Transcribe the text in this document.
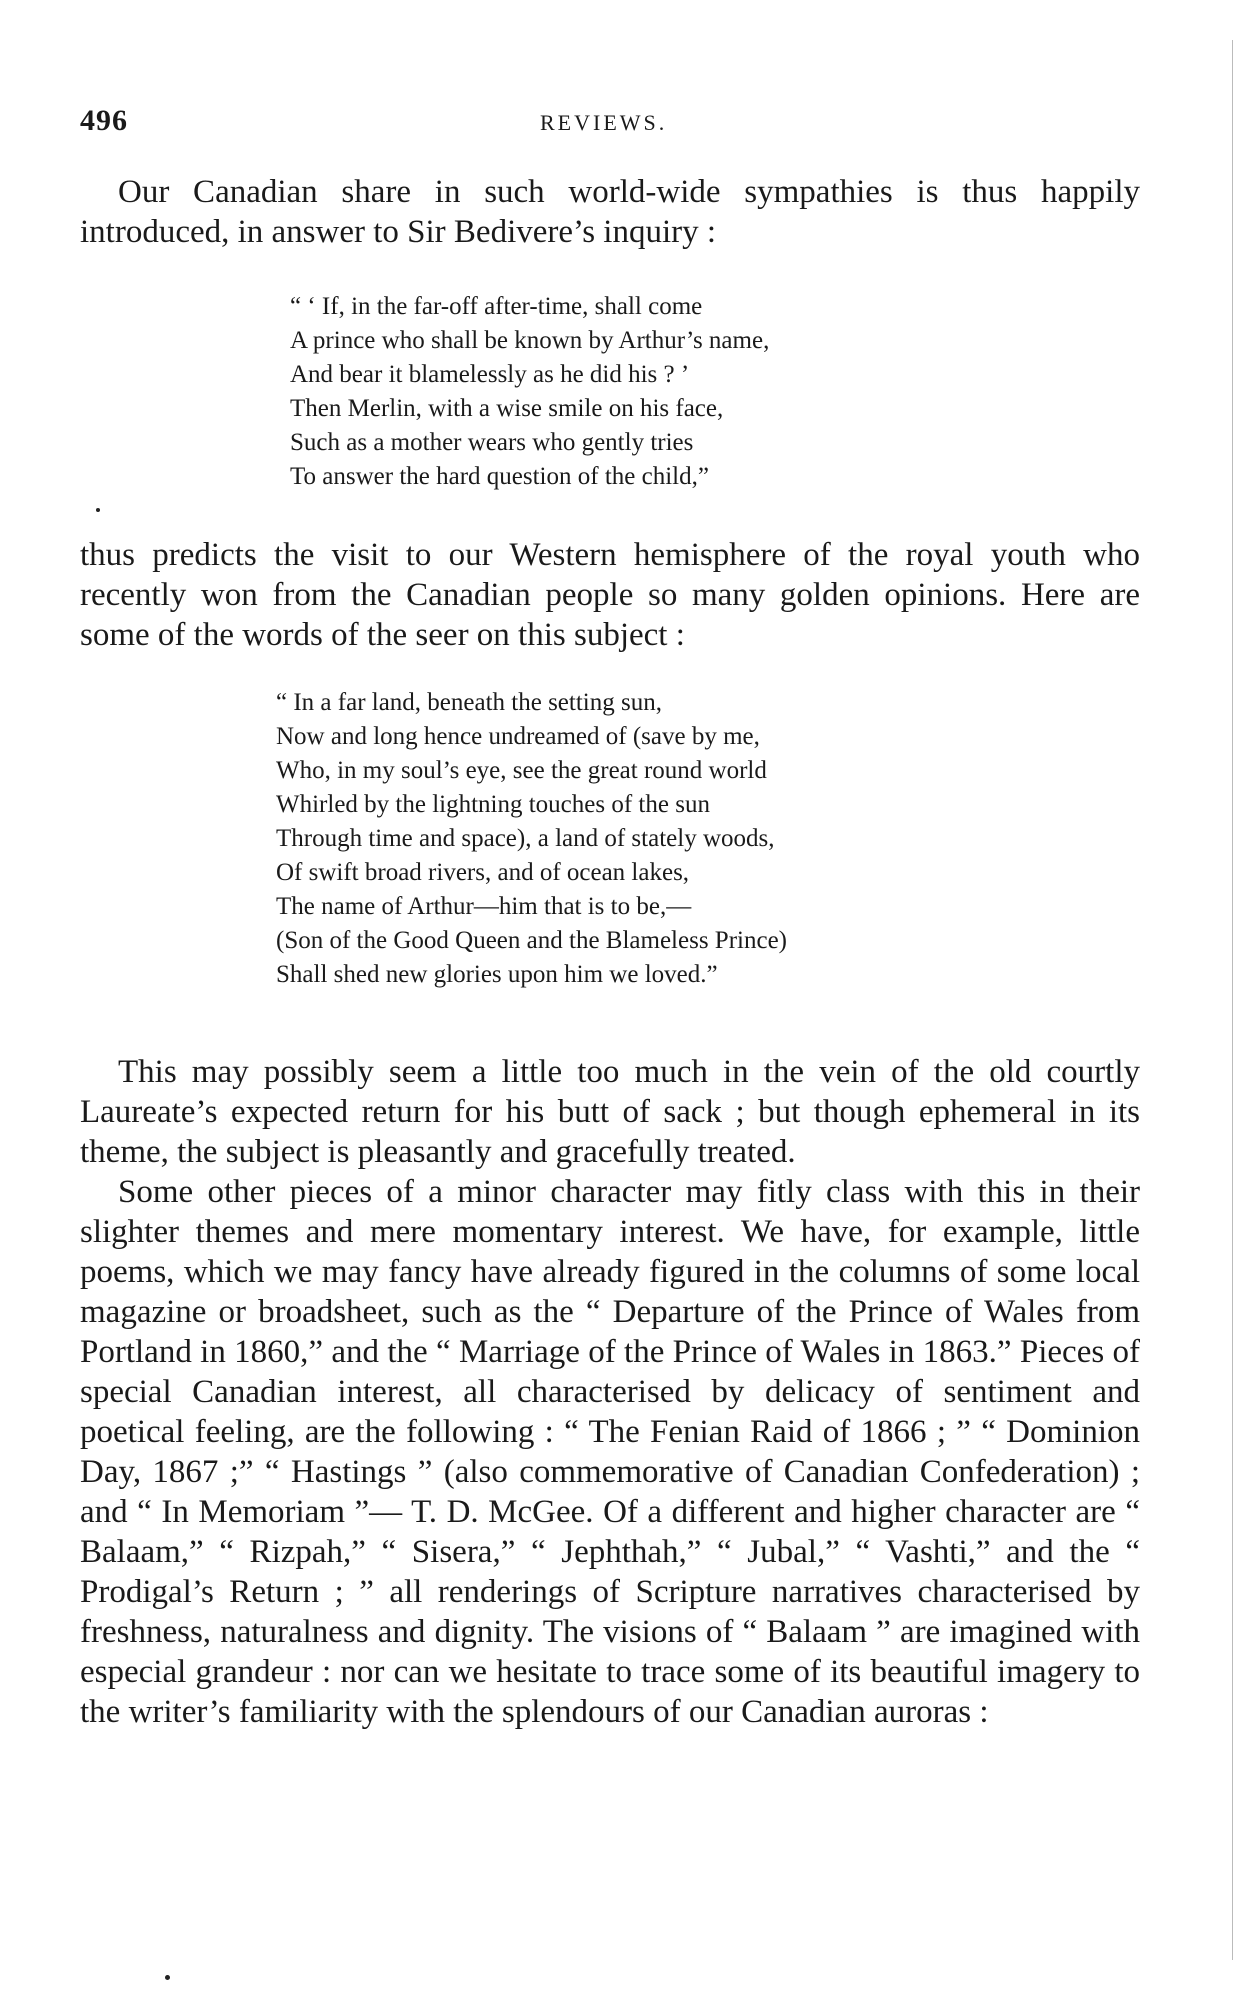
496	REVIEWS.

Our Canadian share in such world-wide sympathies is thus happily introduced, in answer to Sir Bedivere’s inquiry :

“ ‘ If, in the far-off after-time, shall come
A prince who shall be known by Arthur’s name,
And bear it blamelessly as he did his ? ’
Then Merlin, with a wise smile on his face,
Such as a mother wears who gently tries
To answer the hard question of the child,”

thus predicts the visit to our Western hemisphere of the royal youth who recently won from the Canadian people so many golden opinions. Here are some of the words of the seer on this subject :

“ In a far land, beneath the setting sun,
Now and long hence undreamed of (save by me,
Who, in my soul’s eye, see the great round world
Whirled by the lightning touches of the sun
Through time and space), a land of stately woods,
Of swift broad rivers, and of ocean lakes,
The name of Arthur—him that is to be,—
(Son of the Good Queen and the Blameless Prince)
Shall shed new glories upon him we loved.”

This may possibly seem a little too much in the vein of the old courtly Laureate’s expected return for his butt of sack ; but though ephemeral in its theme, the subject is pleasantly and gracefully treated.

Some other pieces of a minor character may fitly class with this in their slighter themes and mere momentary interest. We have, for example, little poems, which we may fancy have already figured in the columns of some local magazine or broadsheet, such as the “ Departure of the Prince of Wales from Portland in 1860,” and the “ Marriage of the Prince of Wales in 1863.” Pieces of special Canadian interest, all characterised by delicacy of sentiment and poetical feeling, are the following : “ The Fenian Raid of 1866 ; ” “ Dominion Day, 1867 ;” “ Hastings ” (also commemorative of Canadian Confederation) ; and “ In Memoriam ”— T. D. McGee. Of a different and higher character are “ Balaam,” “ Rizpah,” “ Sisera,” “ Jephthah,” “ Jubal,” “ Vashti,” and the “ Prodigal’s Return ; ” all renderings of Scripture narratives characterised by freshness, naturalness and dignity. The visions of “ Balaam ” are imagined with especial grandeur : nor can we hesitate to trace some of its beautiful imagery to the writer’s familiarity with the splendours of our Canadian auroras :
